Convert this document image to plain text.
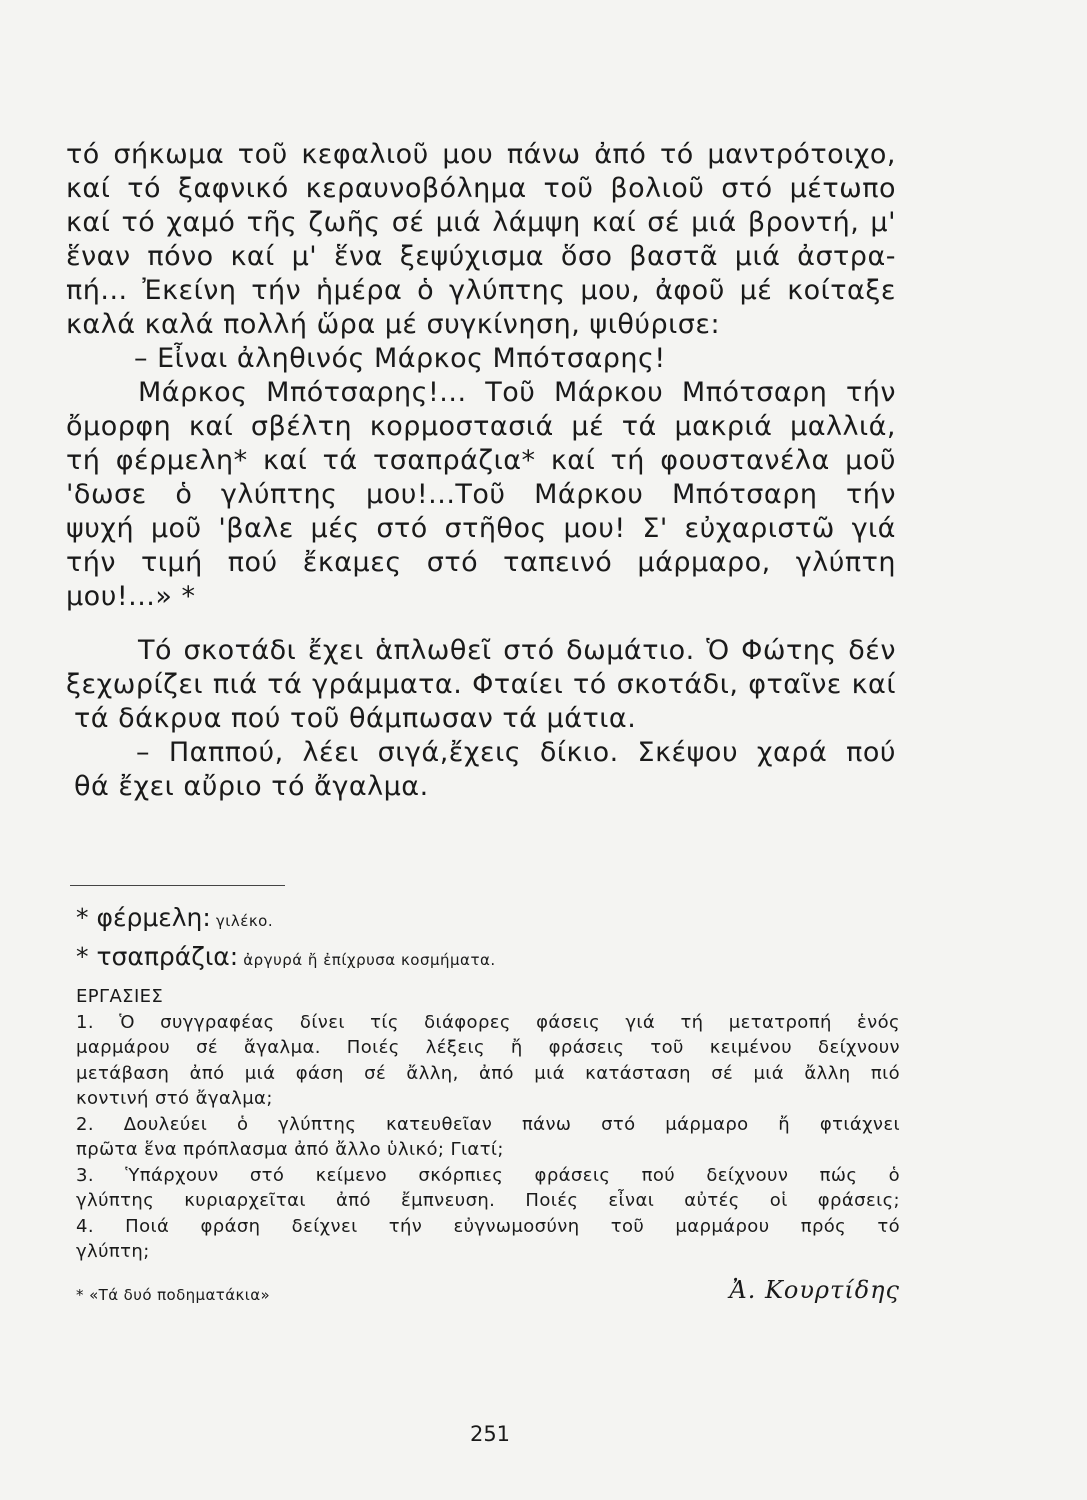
τό σήκωμα τοῦ κεφαλιοῦ μου πάνω ἀπό τό μαντρότοιχο,
καί τό ξαφνικό κεραυνοβόλημα τοῦ βολιοῦ στό μέτωπο
καί τό χαμό τῆς ζωῆς σέ μιά λάμψη καί σέ μιά βροντή, μ'
ἕναν πόνο καί μ' ἕνα ξεψύχισμα ὅσο βαστᾶ μιά ἀστρα-
πή... Ἐκείνη τήν ἡμέρα ὁ γλύπτης μου, ἀφοῦ μέ κοίταξε
καλά καλά πολλή ὥρα μέ συγκίνηση, ψιθύρισε:
– Εἶναι ἀληθινός Μάρκος Μπότσαρης!
Μάρκος Μπότσαρης!... Τοῦ Μάρκου Μπότσαρη τήν
ὄμορφη καί σβέλτη κορμοστασιά μέ τά μακριά μαλλιά,
τή φέρμελη* καί τά τσαπράζια* καί τή φουστανέλα μοῦ
'δωσε ὁ γλύπτης μου!...Τοῦ Μάρκου Μπότσαρη τήν
ψυχή μοῦ 'βαλε μές στό στῆθος μου! Σ' εὐχαριστῶ γιά
τήν τιμή πού ἔκαμες στό ταπεινό μάρμαρο, γλύπτη
μου!...» *
Τό σκοτάδι ἔχει ἁπλωθεῖ στό δωμάτιο. Ὁ Φώτης δέν
ξεχωρίζει πιά τά γράμματα. Φταίει τό σκοτάδι, φταῖνε καί
τά δάκρυα πού τοῦ θάμπωσαν τά μάτια.
– Παππού, λέει σιγά,ἔχεις δίκιο. Σκέψου χαρά πού
θά ἔχει αὔριο τό ἄγαλμα.
* φέρμελη: γιλέκο.
* τσαπράζια: ἀργυρά ἤ ἐπίχρυσα κοσμήματα.
ΕΡΓΑΣΙΕΣ
1. Ὁ συγγραφέας δίνει τίς διάφορες φάσεις γιά τή μετατροπή ἑνός
μαρμάρου σέ ἄγαλμα. Ποιές λέξεις ἤ φράσεις τοῦ κειμένου δείχνουν
μετάβαση ἀπό μιά φάση σέ ἄλλη, ἀπό μιά κατάσταση σέ μιά ἄλλη πιό
κοντινή στό ἄγαλμα;
2. Δουλεύει ὁ γλύπτης κατευθεῖαν πάνω στό μάρμαρο ἤ φτιάχνει
πρῶτα ἕνα πρόπλασμα ἀπό ἄλλο ὑλικό; Γιατί;
3. Ὑπάρχουν στό κείμενο σκόρπιες φράσεις πού δείχνουν πώς ὁ
γλύπτης κυριαρχεῖται ἀπό ἔμπνευση. Ποιές εἶναι αὐτές οἱ φράσεις;
4. Ποιά φράση δείχνει τήν εὐγνωμοσύνη τοῦ μαρμάρου πρός τό
γλύπτη;
* «Τά δυό ποδηματάκια»	Ἀ. Κουρτίδης
251
